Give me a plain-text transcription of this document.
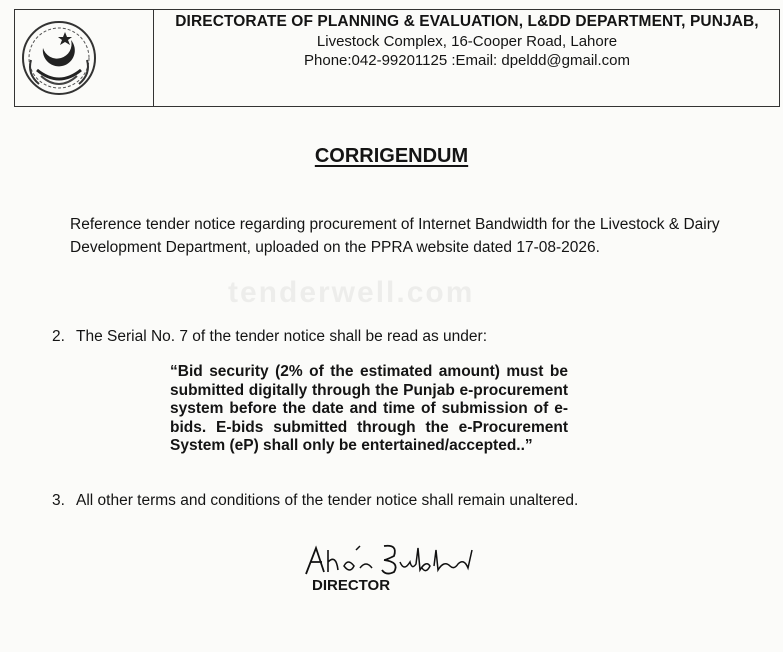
DIRECTORATE OF PLANNING & EVALUATION, L&DD DEPARTMENT, PUNJAB,
Livestock Complex, 16-Cooper Road, Lahore
Phone:042-99201125 :Email: dpeldd@gmail.com
CORRIGENDUM
tenderwell.com
Reference tender notice regarding procurement of Internet Bandwidth for the Livestock & Dairy Development Department, uploaded on the PPRA website dated 17-08-2026.
2. The Serial No. 7 of the tender notice shall be read as under:
“Bid security (2% of the estimated amount) must be submitted digitally through the Punjab e-procurement system before the date and time of submission of e-bids. E-bids submitted through the e-Procurement System (eP) shall only be entertained/accepted..”
3. All other terms and conditions of the tender notice shall remain unaltered.
DIRECTOR
